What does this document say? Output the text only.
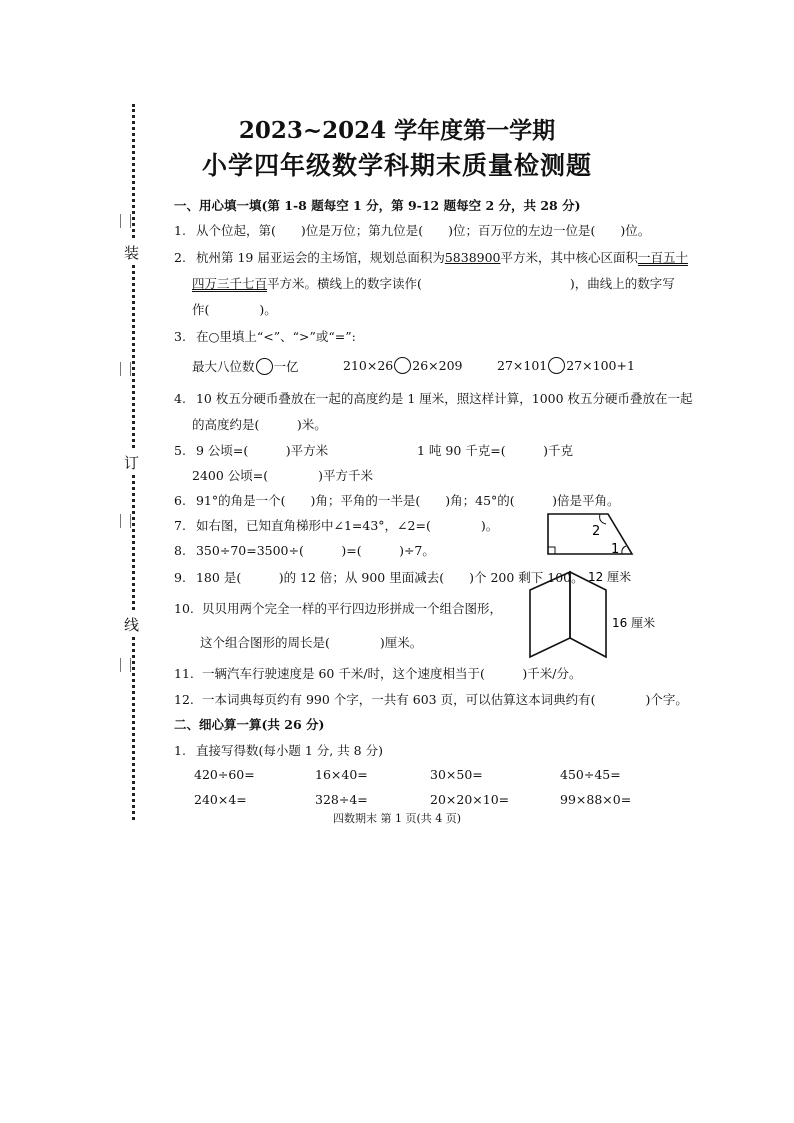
装
订
线
2023~2024 学年度第一学期
小学四年级数学科期末质量检测题
一、用心填一填(第 1-8 题每空 1 分，第 9-12 题每空 2 分，共 28 分)
1. 从个位起，第(　　)位是万位；第九位是(　　)位；百万位的左边一位是(　　)位。
2. 杭州第 19 届亚运会的主场馆，规划总面积为5838900平方米，其中核心区面积一百五十
四万三千七百平方米。横线上的数字读作(	)，曲线上的数字写
作(　　　　)。
3. 在○里填上“<”、“>”或“=”:
最大八位数 一亿	210×26 26×209	27×101 27×100+1
4. 10 枚五分硬币叠放在一起的高度约是 1 厘米，照这样计算，1000 枚五分硬币叠放在一起
的高度约是(　　　)米。
5. 9 公顷=(　　　)平方米	1 吨 90 千克=(　　　)千克
2400 公顷=(　　　　)平方千米
6. 91°的角是一个(　　)角；平角的一半是(　　)角；45°的(　　　)倍是平角。
7. 如右图，已知直角梯形中∠1=43°，∠2=(　　　　)。	2
1
8. 350÷70=3500÷(　　　)=(　　　)÷7。
9. 180 是(　　　)的 12 倍；从 900 里面减去(　　)个 200 剩下 100。
10. 贝贝用两个完全一样的平行四边形拼成一个组合图形，
这个组合图形的周长是(　　　　)厘米。
12 厘米
16 厘米
11. 一辆汽车行驶速度是 60 千米/时，这个速度相当于(　　　)千米/分。
12. 一本词典每页约有 990 个字，一共有 603 页，可以估算这本词典约有(　　　　)个字。
二、细心算一算(共 26 分)
1. 直接写得数(每小题 1 分, 共 8 分)
420÷60=	16×40=	30×50=	450÷45=
240×4=	328÷4=	20×20×10=	99×88×0=
四数期末 第 1 页(共 4 页)
